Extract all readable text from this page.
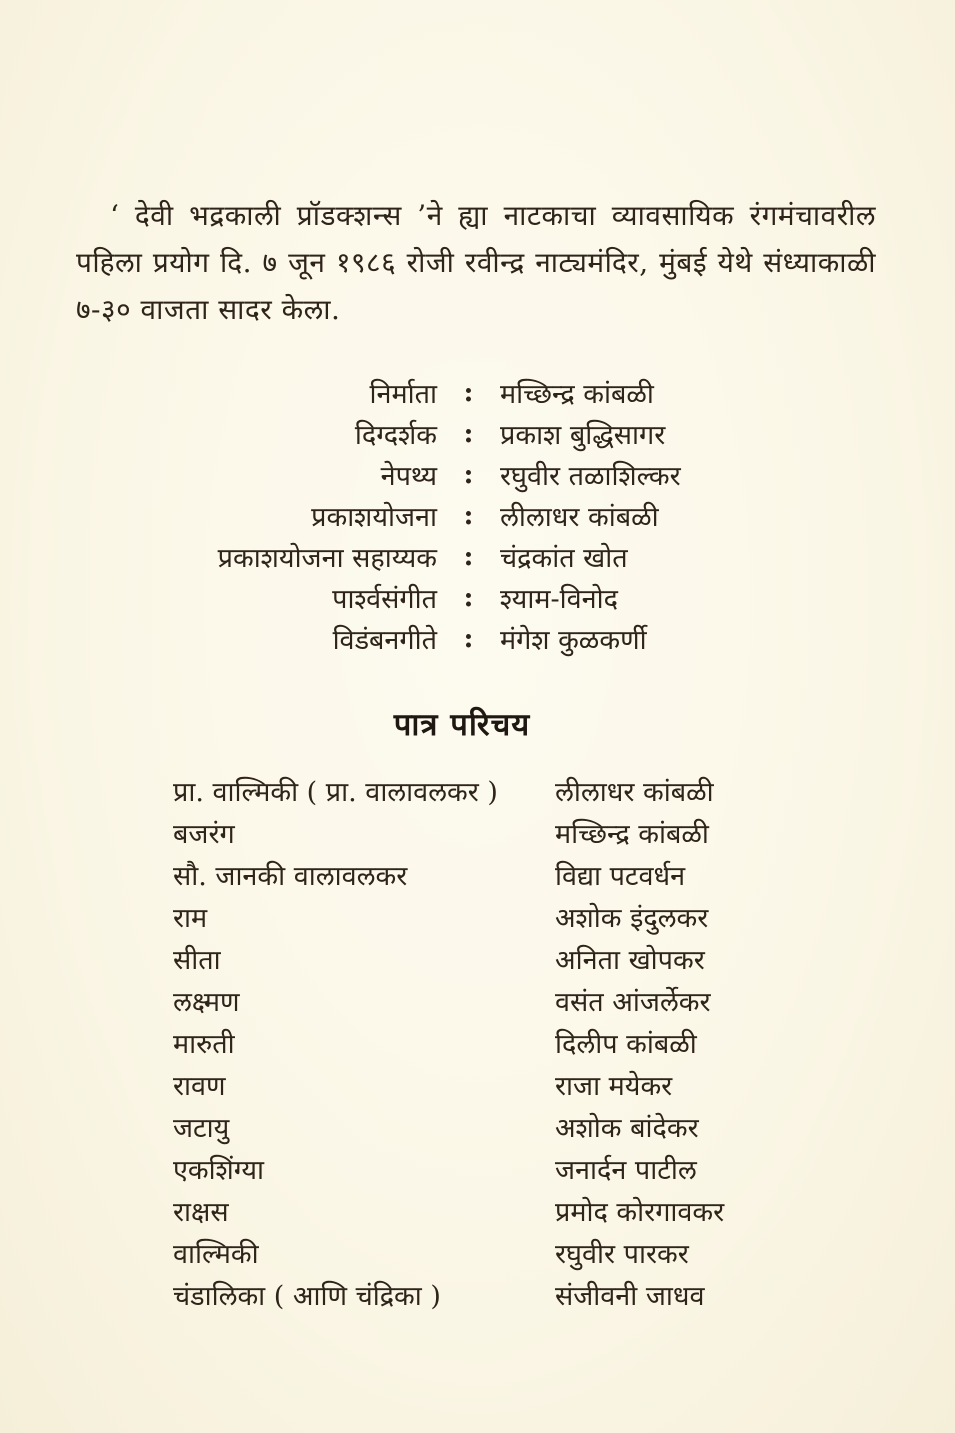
‘ देवी भद्रकाली प्रॉडक्शन्स ’ने ह्या नाटकाचा व्यावसायिक रंगमंचावरील पहिला प्रयोग दि. ७ जून १९८६ रोजी रवीन्द्र नाट्यमंदिर, मुंबई येथे संध्याकाळी ७-३० वाजता सादर केला.

निर्माता : मच्छिन्द्र कांबळी
दिग्दर्शक : प्रकाश बुद्धिसागर
नेपथ्य : रघुवीर तळाशिल्कर
प्रकाशयोजना : लीलाधर कांबळी
प्रकाशयोजना सहाय्यक : चंद्रकांत खोत
पार्श्वसंगीत : श्याम-विनोद
विडंबनगीते : मंगेश कुळकर्णी
पात्र परिचय
प्रा. वाल्मिकी ( प्रा. वालावलकर )	लीलाधर कांबळी
बजरंग	मच्छिन्द्र कांबळी
सौ. जानकी वालावलकर	विद्या पटवर्धन
राम	अशोक इंदुलकर
सीता	अनिता खोपकर
लक्ष्मण	वसंत आंजर्लेकर
मारुती	दिलीप कांबळी
रावण	राजा मयेकर
जटायु	अशोक बांदेकर
एकशिंग्या	जनार्दन पाटील
राक्षस	प्रमोद कोरगावकर
वाल्मिकी	रघुवीर पारकर
चंडालिका ( आणि चंद्रिका )	संजीवनी जाधव
